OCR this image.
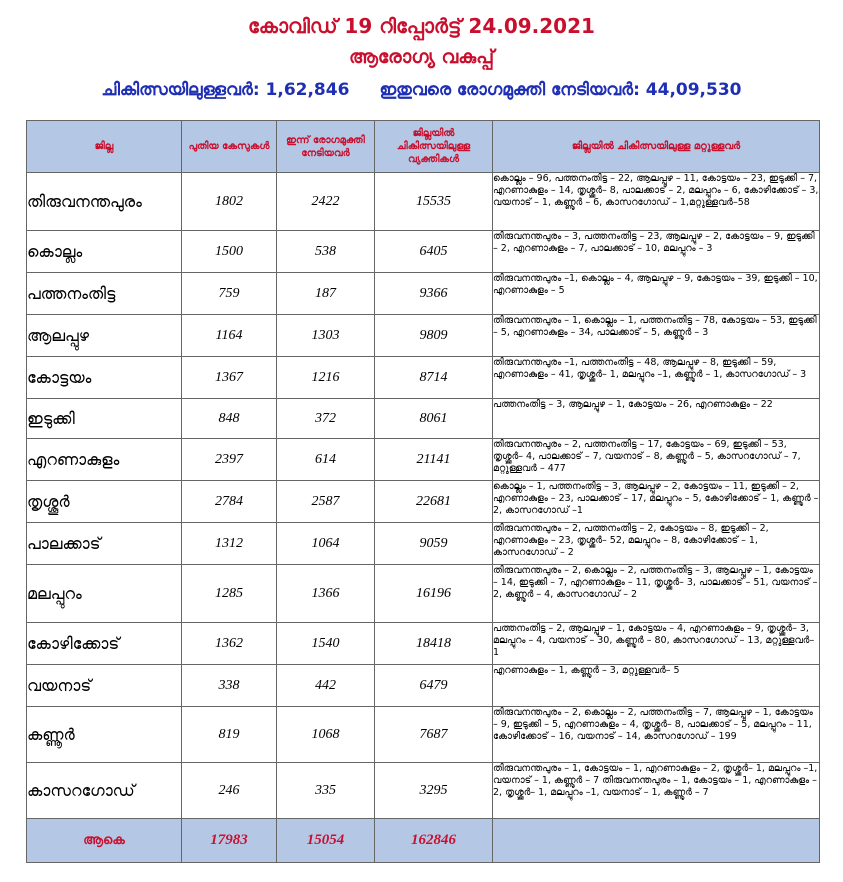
കോവിഡ് 19 റിപ്പോർട്ട് 24.09.2021
ആരോഗ്യ വകുപ്പ്
ചികിത്സയിലുള്ളവർ: 1,62,846 ഇതുവരെ രോഗമുക്തി നേടിയവർ: 44,09,530
ജില്ല	പുതിയ കേസുകൾ	ഇന്ന് രോഗമുക്തി നേടിയവർ	ജില്ലയിൽ ചികിത്സയിലുള്ള വ്യക്തികൾ	ജില്ലയിൽ ചികിത്സയിലുള്ള മറ്റുള്ളവർ
തിരുവനന്തപുരം	1802	2422	15535	കൊല്ലം – 96, പത്തനംതിട്ട – 22, ആലപ്പുഴ – 11, കോട്ടയം – 23, ഇടുക്കി – 7, എറണാകുളം – 14, തൃശ്ശൂർ– 8, പാലക്കാട് – 2, മലപ്പുറം – 6, കോഴിക്കോട് – 3, വയനാട് – 1, കണ്ണൂർ – 6, കാസറഗോഡ് – 1,മറ്റുള്ളവർ–58
കൊല്ലം	1500	538	6405	തിരുവനന്തപുരം – 3, പത്തനംതിട്ട – 23, ആലപ്പുഴ – 2, കോട്ടയം – 9, ഇടുക്കി – 2, എറണാകുളം – 7, പാലക്കാട് – 10, മലപ്പുറം – 3
പത്തനംതിട്ട	759	187	9366	തിരുവനന്തപുരം –1, കൊല്ലം – 4, ആലപ്പുഴ – 9, കോട്ടയം – 39, ഇടുക്കി – 10, എറണാകുളം – 5
ആലപ്പുഴ	1164	1303	9809	തിരുവനന്തപുരം – 1, കൊല്ലം – 1, പത്തനംതിട്ട – 78, കോട്ടയം – 53, ഇടുക്കി – 5, എറണാകുളം – 34, പാലക്കാട് – 5, കണ്ണൂർ – 3
കോട്ടയം	1367	1216	8714	തിരുവനന്തപുരം –1, പത്തനംതിട്ട – 48, ആലപ്പുഴ – 8, ഇടുക്കി – 59, എറണാകുളം – 41, തൃശ്ശൂർ– 1, മലപ്പുറം –1, കണ്ണൂർ – 1, കാസറഗോഡ് – 3
ഇടുക്കി	848	372	8061	പത്തനംതിട്ട – 3, ആലപ്പുഴ – 1, കോട്ടയം – 26, എറണാകുളം – 22
എറണാകുളം	2397	614	21141	തിരുവനന്തപുരം – 2, പത്തനംതിട്ട – 17, കോട്ടയം – 69, ഇടുക്കി – 53, തൃശ്ശൂർ– 4, പാലക്കാട് – 7, വയനാട് – 8, കണ്ണൂർ – 5, കാസറഗോഡ് – 7, മറ്റുള്ളവർ – 477
തൃശ്ശൂർ	2784	2587	22681	കൊല്ലം – 1, പത്തനംതിട്ട – 3, ആലപ്പുഴ – 2, കോട്ടയം – 11, ഇടുക്കി – 2, എറണാകുളം – 23, പാലക്കാട് – 17, മലപ്പുറം – 5, കോഴിക്കോട് – 1, കണ്ണൂർ – 2, കാസറഗോഡ് –1
പാലക്കാട്	1312	1064	9059	തിരുവനന്തപുരം – 2, പത്തനംതിട്ട – 2, കോട്ടയം – 8, ഇടുക്കി – 2, എറണാകുളം – 23, തൃശ്ശൂർ– 52, മലപ്പുറം – 8, കോഴിക്കോട് – 1, കാസറഗോഡ് – 2
മലപ്പുറം	1285	1366	16196	തിരുവനന്തപുരം – 2, കൊല്ലം – 2, പത്തനംതിട്ട – 3, ആലപ്പുഴ – 1, കോട്ടയം – 14, ഇടുക്കി – 7, എറണാകുളം – 11, തൃശ്ശൂർ– 3, പാലക്കാട് – 51, വയനാട് – 2, കണ്ണൂർ – 4, കാസറഗോഡ് – 2
കോഴിക്കോട്	1362	1540	18418	പത്തനംതിട്ട – 2, ആലപ്പുഴ – 1, കോട്ടയം – 4, എറണാകുളം – 9, തൃശ്ശൂർ– 3, മലപ്പുറം – 4, വയനാട് – 30, കണ്ണൂർ – 80, കാസറഗോഡ് – 13, മറ്റുള്ളവർ– 1
വയനാട്	338	442	6479	എറണാകുളം – 1, കണ്ണൂർ – 3, മറ്റുള്ളവർ– 5
കണ്ണൂർ	819	1068	7687	തിരുവനന്തപുരം – 2, കൊല്ലം – 2, പത്തനംതിട്ട – 7, ആലപ്പുഴ – 1, കോട്ടയം – 9, ഇടുക്കി – 5, എറണാകുളം – 4, തൃശ്ശൂർ– 8, പാലക്കാട് – 5, മലപ്പുറം – 11, കോഴിക്കോട് – 16, വയനാട് – 14, കാസറഗോഡ് – 199
കാസറഗോഡ്	246	335	3295	തിരുവനന്തപുരം – 1, കോട്ടയം – 1, എറണാകുളം – 2, തൃശ്ശൂർ– 1, മലപ്പുറം –1, വയനാട് – 1, കണ്ണൂർ – 7 തിരുവനന്തപുരം – 1, കോട്ടയം – 1, എറണാകുളം – 2, തൃശ്ശൂർ– 1, മലപ്പുറം –1, വയനാട് – 1, കണ്ണൂർ – 7
ആകെ	17983	15054	162846	
